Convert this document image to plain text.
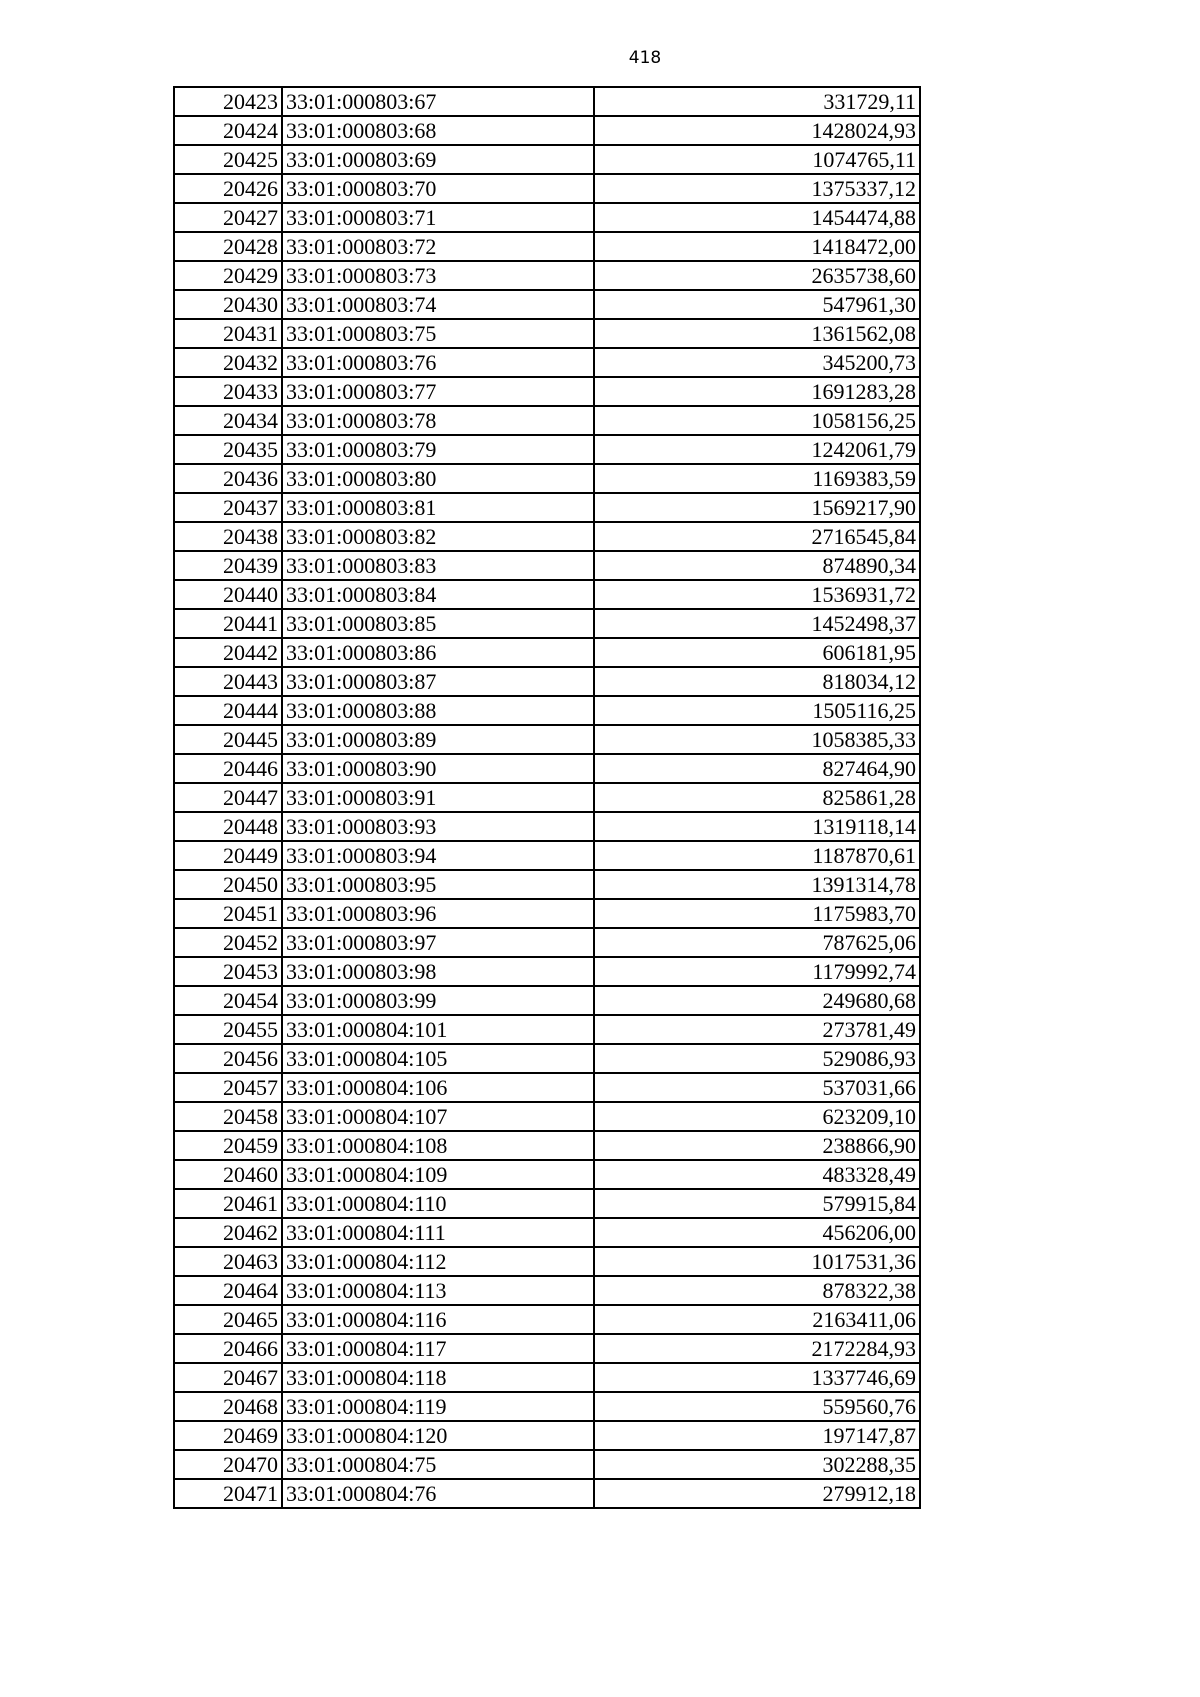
418
20423	33:01:000803:67	331729,11
20424	33:01:000803:68	1428024,93
20425	33:01:000803:69	1074765,11
20426	33:01:000803:70	1375337,12
20427	33:01:000803:71	1454474,88
20428	33:01:000803:72	1418472,00
20429	33:01:000803:73	2635738,60
20430	33:01:000803:74	547961,30
20431	33:01:000803:75	1361562,08
20432	33:01:000803:76	345200,73
20433	33:01:000803:77	1691283,28
20434	33:01:000803:78	1058156,25
20435	33:01:000803:79	1242061,79
20436	33:01:000803:80	1169383,59
20437	33:01:000803:81	1569217,90
20438	33:01:000803:82	2716545,84
20439	33:01:000803:83	874890,34
20440	33:01:000803:84	1536931,72
20441	33:01:000803:85	1452498,37
20442	33:01:000803:86	606181,95
20443	33:01:000803:87	818034,12
20444	33:01:000803:88	1505116,25
20445	33:01:000803:89	1058385,33
20446	33:01:000803:90	827464,90
20447	33:01:000803:91	825861,28
20448	33:01:000803:93	1319118,14
20449	33:01:000803:94	1187870,61
20450	33:01:000803:95	1391314,78
20451	33:01:000803:96	1175983,70
20452	33:01:000803:97	787625,06
20453	33:01:000803:98	1179992,74
20454	33:01:000803:99	249680,68
20455	33:01:000804:101	273781,49
20456	33:01:000804:105	529086,93
20457	33:01:000804:106	537031,66
20458	33:01:000804:107	623209,10
20459	33:01:000804:108	238866,90
20460	33:01:000804:109	483328,49
20461	33:01:000804:110	579915,84
20462	33:01:000804:111	456206,00
20463	33:01:000804:112	1017531,36
20464	33:01:000804:113	878322,38
20465	33:01:000804:116	2163411,06
20466	33:01:000804:117	2172284,93
20467	33:01:000804:118	1337746,69
20468	33:01:000804:119	559560,76
20469	33:01:000804:120	197147,87
20470	33:01:000804:75	302288,35
20471	33:01:000804:76	279912,18
